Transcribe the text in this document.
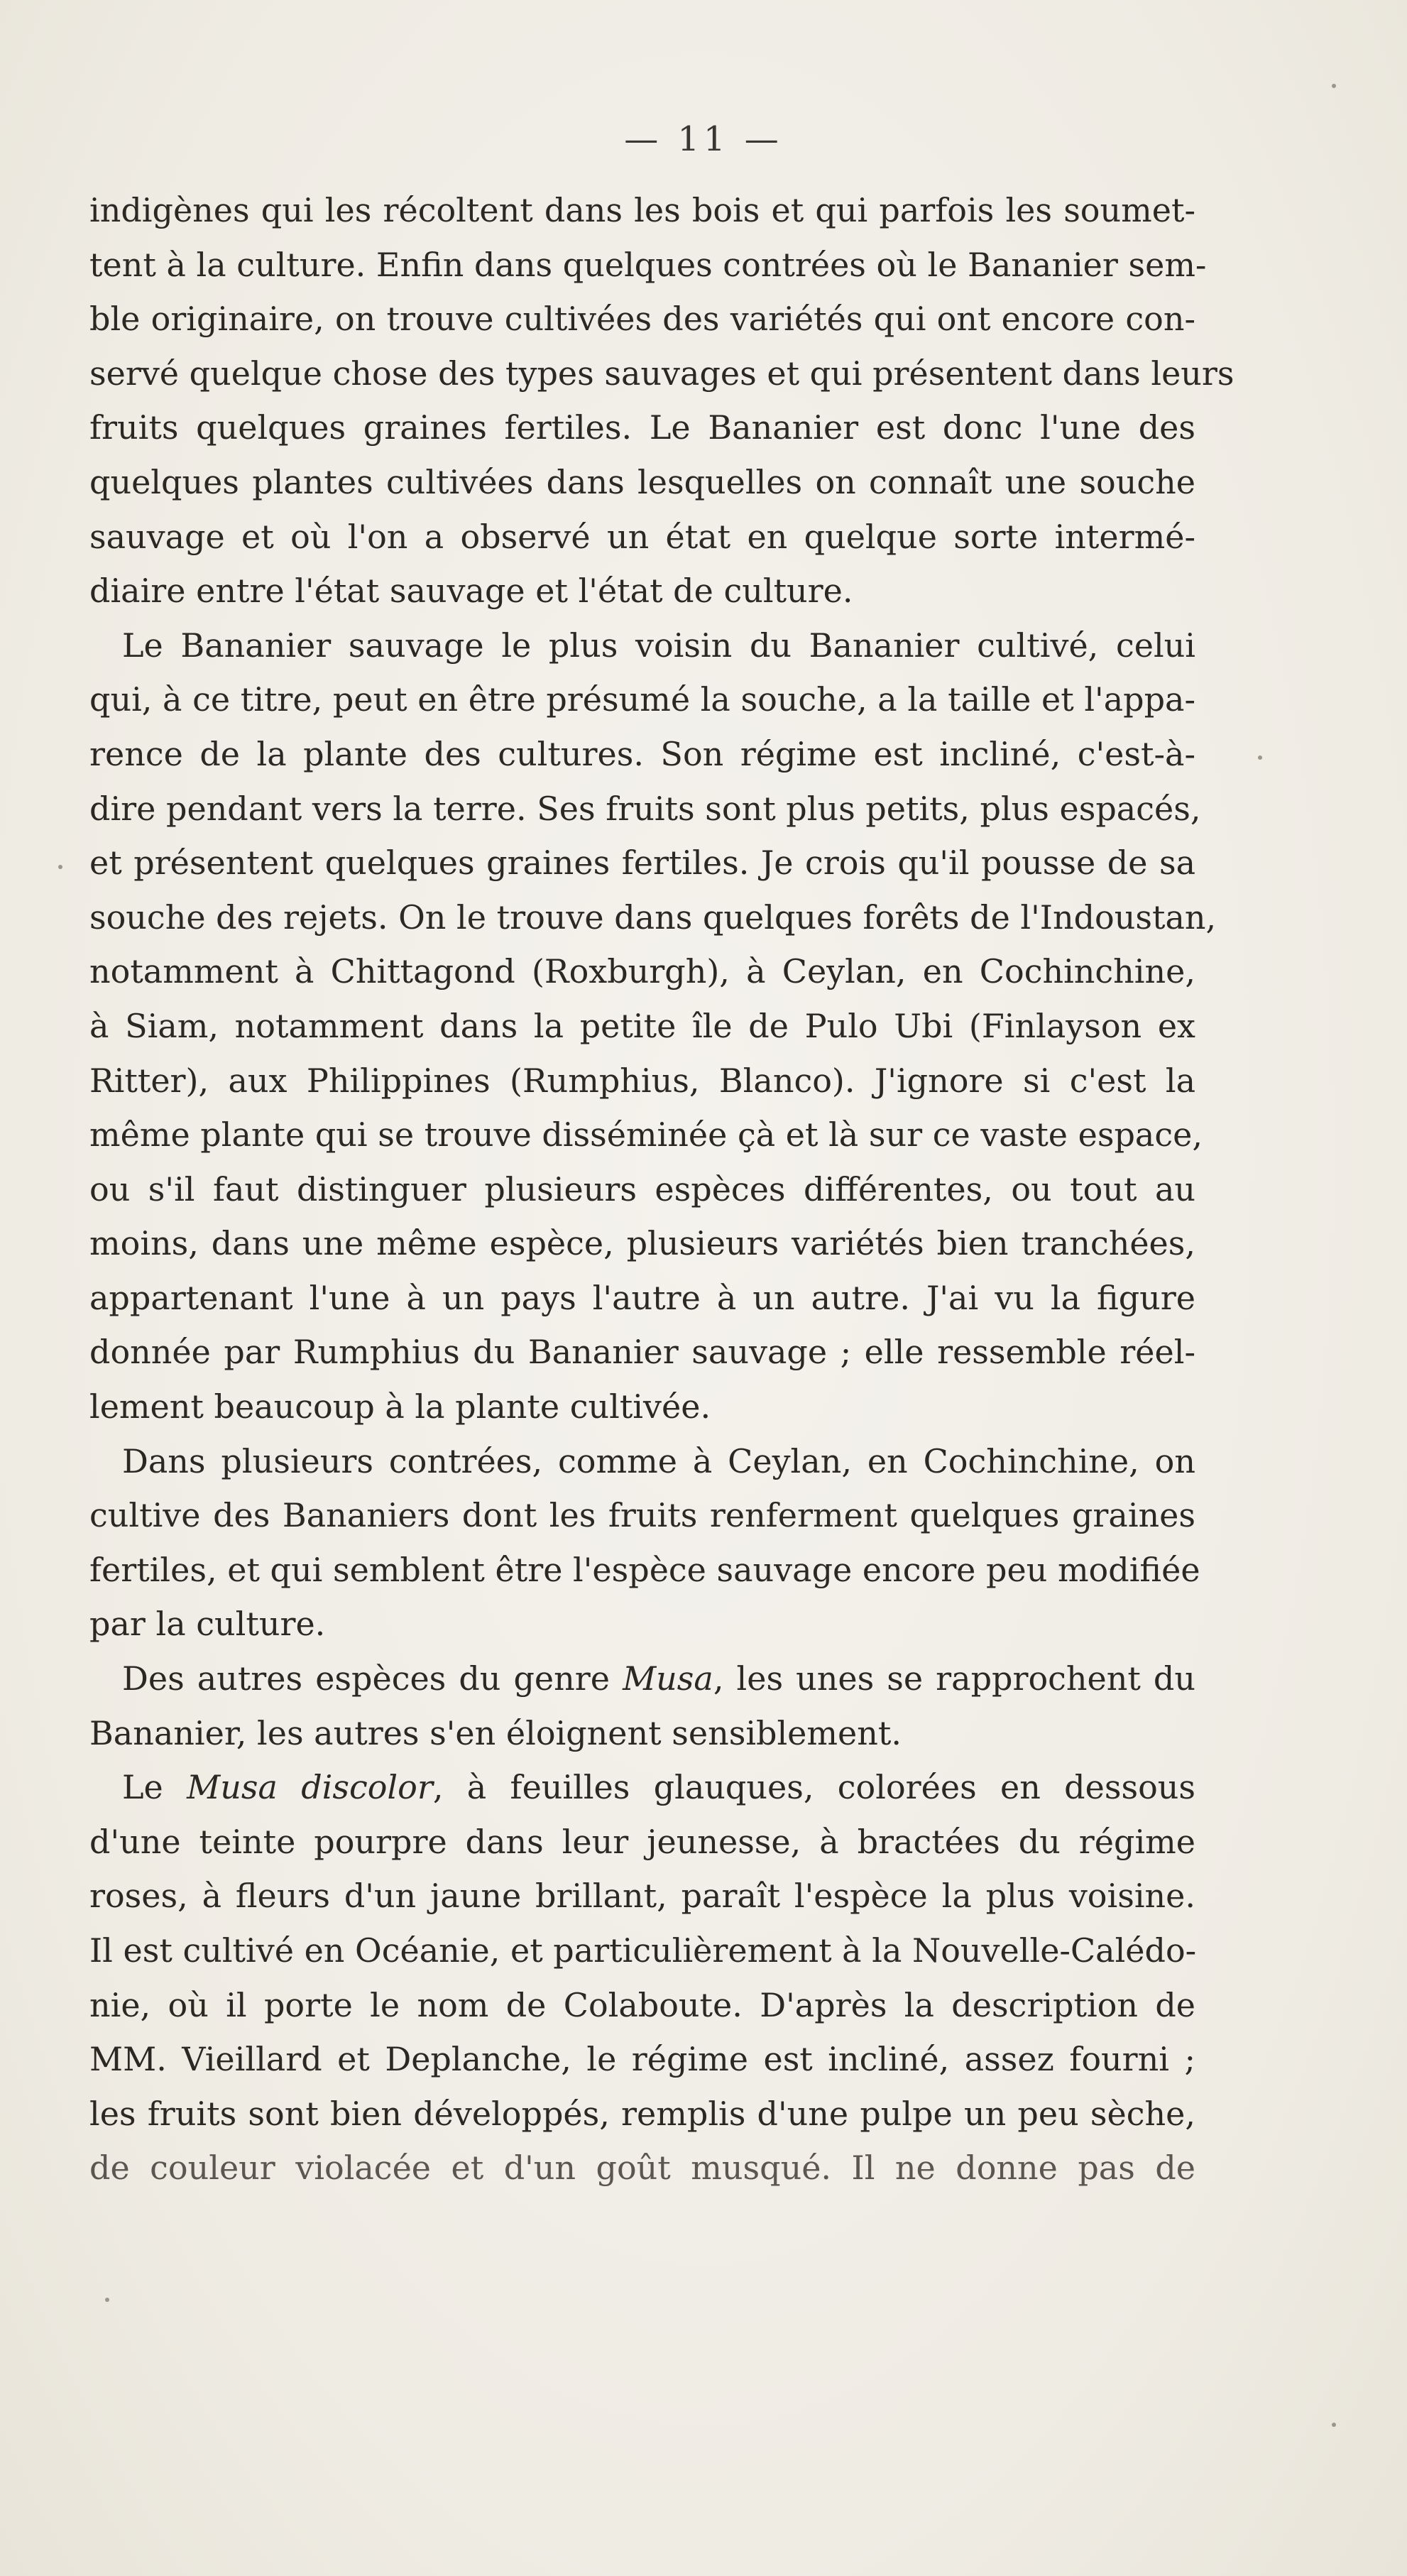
— 11 —
indigènes qui les récoltent dans les bois et qui parfois les soumet-
tent à la culture. Enfin dans quelques contrées où le Bananier sem-
ble originaire, on trouve cultivées des variétés qui ont encore con-
servé quelque chose des types sauvages et qui présentent dans leurs
fruits quelques graines fertiles. Le Bananier est donc l'une des
quelques plantes cultivées dans lesquelles on connaît une souche
sauvage et où l'on a observé un état en quelque sorte intermé-
diaire entre l'état sauvage et l'état de culture.
Le Bananier sauvage le plus voisin du Bananier cultivé, celui
qui, à ce titre, peut en être présumé la souche, a la taille et l'appa-
rence de la plante des cultures. Son régime est incliné, c'est-à-
dire pendant vers la terre. Ses fruits sont plus petits, plus espacés,
et présentent quelques graines fertiles. Je crois qu'il pousse de sa
souche des rejets. On le trouve dans quelques forêts de l'Indoustan,
notamment à Chittagond (Roxburgh), à Ceylan, en Cochinchine,
à Siam, notamment dans la petite île de Pulo Ubi (Finlayson ex
Ritter), aux Philippines (Rumphius, Blanco). J'ignore si c'est la
même plante qui se trouve disséminée çà et là sur ce vaste espace,
ou s'il faut distinguer plusieurs espèces différentes, ou tout au
moins, dans une même espèce, plusieurs variétés bien tranchées,
appartenant l'une à un pays l'autre à un autre. J'ai vu la figure
donnée par Rumphius du Bananier sauvage ; elle ressemble réel-
lement beaucoup à la plante cultivée.
Dans plusieurs contrées, comme à Ceylan, en Cochinchine, on
cultive des Bananiers dont les fruits renferment quelques graines
fertiles, et qui semblent être l'espèce sauvage encore peu modifiée
par la culture.
Des autres espèces du genre Musa, les unes se rapprochent du
Bananier, les autres s'en éloignent sensiblement.
Le Musa discolor, à feuilles glauques, colorées en dessous
d'une teinte pourpre dans leur jeunesse, à bractées du régime
roses, à fleurs d'un jaune brillant, paraît l'espèce la plus voisine.
Il est cultivé en Océanie, et particulièrement à la Nouvelle-Calédo-
nie, où il porte le nom de Colaboute. D'après la description de
MM. Vieillard et Deplanche, le régime est incliné, assez fourni ;
les fruits sont bien développés, remplis d'une pulpe un peu sèche,
de couleur violacée et d'un goût musqué. Il ne donne pas de
